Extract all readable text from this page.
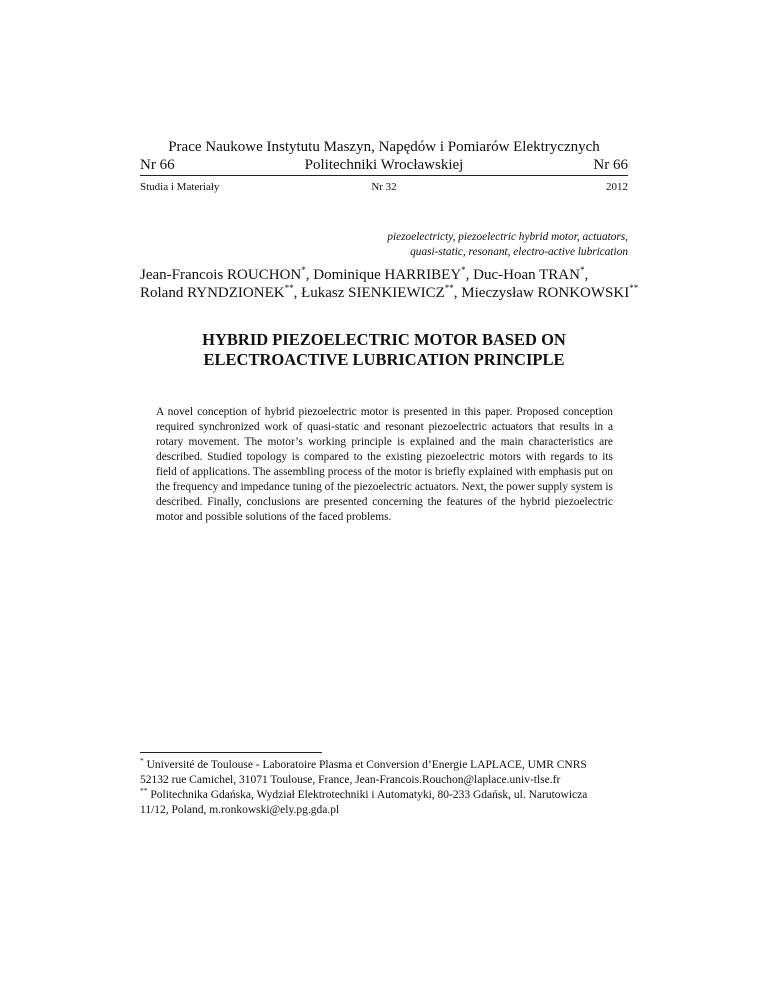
Prace Naukowe Instytutu Maszyn, Napędów i Pomiarów Elektrycznych
Nr 66	Politechniki Wrocławskiej	Nr 66
Studia i Materiały	Nr 32	2012
piezoelectricty, piezoelectric hybrid motor, actuators,
quasi-static, resonant, electro-active lubrication
Jean-Francois ROUCHON*, Dominique HARRIBEY*, Duc-Hoan TRAN*,
Roland RYNDZIONEK**, Łukasz SIENKIEWICZ**, Mieczysław RONKOWSKI**
HYBRID PIEZOELECTRIC MOTOR BASED ON
ELECTROACTIVE LUBRICATION PRINCIPLE
A novel conception of hybrid piezoelectric motor is presented in this paper. Proposed conception required synchronized work of quasi-static and resonant piezoelectric actuators that results in a rotary movement. The motor’s working principle is explained and the main characteristics are described. Studied topology is compared to the existing piezoelectric motors with regards to its field of applications. The assembling process of the motor is briefly explained with emphasis put on the frequency and impedance tuning of the piezoelectric actuators. Next, the power supply system is described. Finally, conclusions are presented concerning the features of the hybrid piezoelectric motor and possible solutions of the faced problems.
* Université de Toulouse - Laboratoire Plasma et Conversion d’Energie LAPLACE, UMR CNRS
52132 rue Camichel, 31071 Toulouse, France, Jean-Francois.Rouchon@laplace.univ-tlse.fr
** Politechnika Gdańska, Wydział Elektrotechniki i Automatyki, 80-233 Gdańsk, ul. Narutowicza
11/12, Poland, m.ronkowski@ely.pg.gda.pl
